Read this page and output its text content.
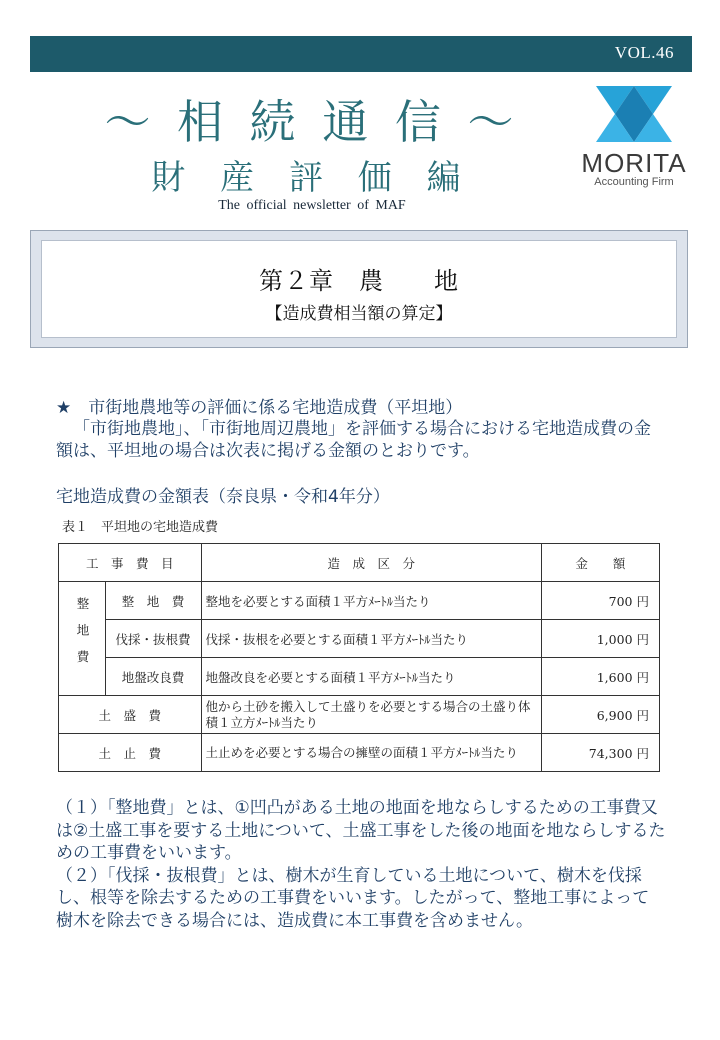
VOL.46
～ 相 続 通 信 ～
財 産 評 価 編
The official newsletter of MAF
MORITA
Accounting Firm
第２章　農　　地
【造成費相当額の算定】
★　市街地農地等の評価に係る宅地造成費（平坦地）
「市街地農地」、「市街地周辺農地」を評価する場合における宅地造成費の金額は、平坦地の場合は次表に掲げる金額のとおりです。
宅地造成費の金額表（奈良県・令和4年分）
表１　平坦地の宅地造成費
工　事　費　目		造　成　区　分	金　　額
整地費	整　地　費	整地を必要とする面積１平方ﾒｰﾄﾙ当たり	700 円
	伐採・抜根費	伐採・抜根を必要とする面積１平方ﾒｰﾄﾙ当たり	1,000 円
	地盤改良費	地盤改良を必要とする面積１平方ﾒｰﾄﾙ当たり	1,600 円
土　盛　費		他から土砂を搬入して土盛りを必要とする場合の土盛り体積１立方ﾒｰﾄﾙ当たり	6,900 円
土　止　費		土止めを必要とする場合の擁壁の面積１平方ﾒｰﾄﾙ当たり	74,300 円
（１）「整地費」とは、①凹凸がある土地の地面を地ならしするための工事費又は②土盛工事を要する土地について、土盛工事をした後の地面を地ならしするための工事費をいいます。
（２）「伐採・抜根費」とは、樹木が生育している土地について、樹木を伐採し、根等を除去するための工事費をいいます。したがって、整地工事によって樹木を除去できる場合には、造成費に本工事費を含めません。
